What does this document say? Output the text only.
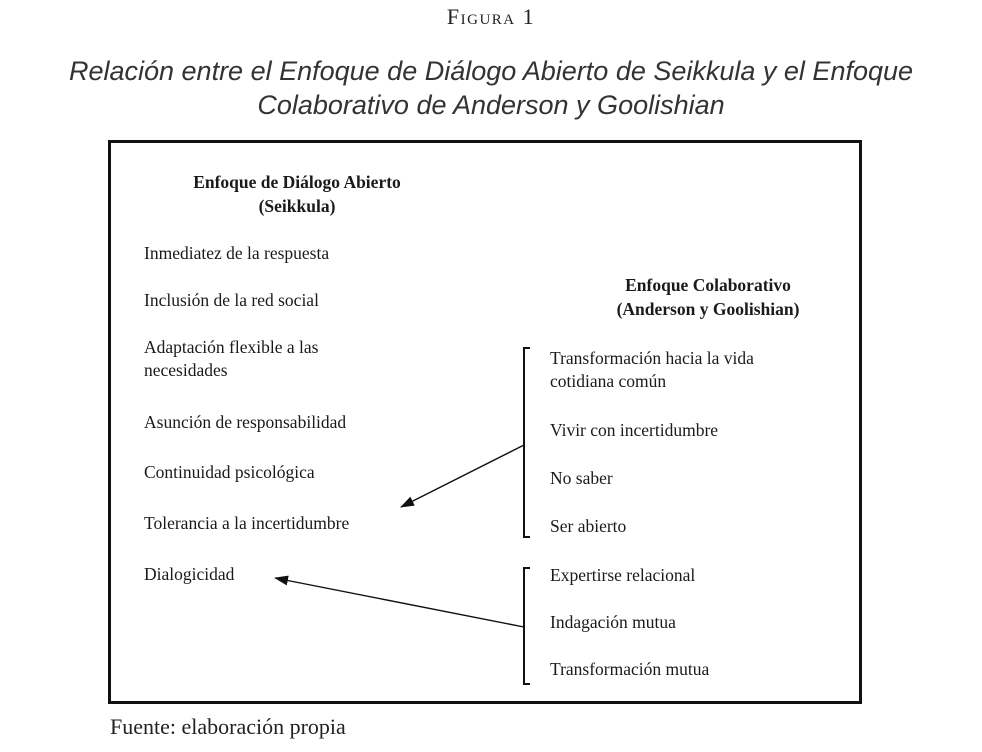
Figura 1
Relación entre el Enfoque de Diálogo Abierto de Seikkula y el Enfoque
Colaborativo de Anderson y Goolishian
Enfoque de Diálogo Abierto
(Seikkula)
Inmediatez de la respuesta
Inclusión de la red social
Adaptación flexible a las
necesidades
Asunción de responsabilidad
Continuidad psicológica
Tolerancia a la incertidumbre
Dialogicidad
Enfoque Colaborativo
(Anderson y Goolishian)
Transformación hacia la vida
cotidiana común
Vivir con incertidumbre
No saber
Ser abierto
Expertirse relacional
Indagación mutua
Transformación mutua
Fuente: elaboración propia
